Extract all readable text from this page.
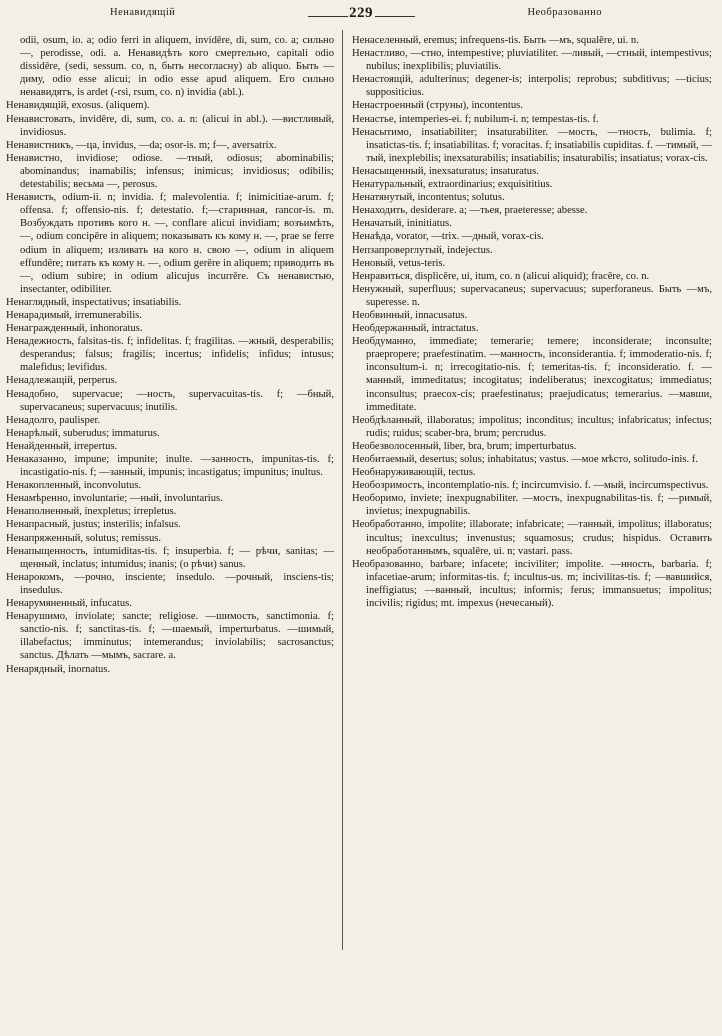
Ненавидящій	229	Необразованно

odii, osum, io. a; odio ferri in aliquem, invidēre, di, sum, co. a; сильно —, perodisse, odi. a. Ненавидѣть кого смертельно, capitali odio dissidēre, (sedi, sessum. co, n, быть несогласну) ab aliquo. Быть —диму, odio esse alicui; in odio esse apud aliquem. Его сильно ненавидятъ, is ardet (-rsi, rsum, co. n) invidia (abl.).

Ненавидящій, exosus. (aliquem).

Ненавистовать, invidēre, di, sum, co. a. n: (alicui in abl.). —вистливый, invidiosus.

Ненавистникъ, —ца, invidus, —da; osor-is. m; f—, aversatrix.

Ненавистно, invidiose; odiose. —тный, odiosus; abominabilis; abominandus; inamabilis; infensus; inimicus; invidiosus; odibilis; detestabilis; весьма —, perosus.

Ненависть, odium-ii. n; invidia. f; malevolentia. f; inimicitiae-arum. f; offensa. f; offensio-nis. f; detestatio. f;—старинная, rancor-is. m. Возбуждать противъ кого н. —, conflare alicui invidiam; возъимѣть, —, odium concipēre in aliquem; показывать къ кому н. —, prae se ferre odium in aliquem; изливать на кого н. свою —, odium in aliquem effundēre; питать къ кому н. —, odium gerēre in aliquem; приводить въ —, odium subire; in odium alicujus incurrēre. Съ ненавистью, insectanter, odibiliter.

Ненаглядный, inspectativus; insatiabilis.

Ненарадимый, irremunerabilis.

Ненагражденный, inhonoratus.

Ненадежность, falsitas-tis. f; infidelitas. f; fragilitas. —жный, desperabilis; desperandus; falsus; fragilis; incertus; infidelis; infidus; intusus; malefidus; levifidus.

Ненадлежащій, perperus.

Ненадобно, supervacue; —ность, supervacuitas-tis. f; —бный, supervacaneus; supervacuus; inutilis.

Ненадолго, paulisper.

Ненарѣлый, suberudus; immaturus.

Ненайденный, irrepertus.

Ненаказанно, impune; impunite; inulte. —занность, impunitas-tis. f; incastigatio-nis. f; —занный, impunis; incastigatus; impunitus; inultus.

Ненакопленный, inconvolutus.

Ненамѣренно, involuntarie; —ный, involuntarius.

Ненаполненный, inexpletus; irrepletus.

Ненапрасный, justus; insterilis; infalsus.

Ненапряженный, solutus; remissus.

Ненапыщенность, intumiditas-tis. f; insuperbia. f; — рѣчи, sanitas; —щенный, inclatus; intumidus; inanis; (о рѣчи) sanus.

Ненарокомъ, —рочно, insciente; insedulo. —рочный, insciens-tis; insedulus.

Ненарумяненный, infucatus.

Ненарушимо, inviolate; sancte; religiose. —шимость, sanctimonia. f; sanctio-nis. f; sanctitas-tis. f; —шаемый, imperturbatus. —шимый, illabefactus; imminutus; intemerandus; inviolabilis; sacrosanctus; sanctus. Дѣлать —мымъ, sacrare. a.

Ненарядный, inornatus.

Ненаселенный, eremus; infrequens-tis. Быть —мъ, squalēre, ui. n.

Ненастливо, —стно, intempestive; pluviatiliter. —ливый, —стный, intempestivus; nubilus; inexplibilis; pluviatilis.

Ненастоящій, adulterinus; degener-is; interpolis; reprobus; subditivus; —ticius; suppositicius.

Ненастроенный (струны), incontentus.

Ненастье, intemperies-ei. f; nubilum-i. n; tempestas-tis. f.

Ненасытимо, insatiabiliter; insaturabiliter. —мость, —тность, bulimia. f; insatictas-tis. f; insatiabilitas. f; voracitas. f; insatiabilis cupiditas. f. —тимый, —тый, inexplebilis; inexsaturabilis; insatiabilis; insaturabilis; insatiatus; vorax-cis.

Ненасыщенный, inexsaturatus; insaturatus.

Ненатуральный, extraordinarius; exquisititius.

Ненатянутый, incontentus; solutus.

Ненаходить, desiderare. a; —тьея, praeteresse; abesse.

Неначатый, ininitiatus.

Ненаѣда, vorator, —trix. —дный, vorax-cis.

Непзапроверглутый, indejectus.

Неновый, vetus-teris.

Ненравиться, displicēre, ui, itum, co. n (alicui aliquid); fracēre, co. n.

Ненужный, superfluus; supervacaneus; supervacuus; superforaneus. Быть —мъ, superesse. n.

Необвинный, innacusatus.

Необдержанный, intractatus.

Необдуманно, immediate; temerarie; temere; inconsiderate; inconsulte; praepropere; praefestinatim. —манность, inconsiderantia. f; immoderatio-nis. f; inconsultum-i. n; irrecogitatio-nis. f; temeritas-tis. f; inconsideratio. f. —манный, immeditatus; incogitatus; indeliberatus; inexcogitatus; immediatus; inconsultus; praecox-cis; praefestinatus; praejudicatus; temerarius. —мавши, immeditate.

Необдѣланный, illaboratus; impolitus; inconditus; incultus; infabricatus; infectus; rudis; ruidus; scaber-bra, brum; percrudus.

Необезволосенный, liber, bra, brum; imperturbatus.

Необитаемый, desertus; solus; inhabitatus; vastus. —мое мѣсто, solitudo-inis. f.

Необнаруживающій, tectus.

Необозримость, incontemplatio-nis. f; incircumvisio. f. —мый, incircumspectivus.

Необоримо, inviete; inexpugnabiliter. —мость, inexpugnabilitas-tis. f; —римый, invietus; inexpugnabilis.

Необработанно, impolite; illaborate; infabricate; —танный, impolitus; illaboratus; incultus; inexcultus; invenustus; squamosus; crudus; hispidus. Оставить необработаннымъ, squalēre, ui. n; vastari. pass.

Необразованно, barbare; infacete; inciviliter; impolite. —нность, barbaria. f; infacetiae-arum; informitas-tis. f; incultus-us. m; incivilitas-tis. f; —вавшийся, ineffigiatus; —ванный, incultus; informis; ferus; immansuetus; impolitus; incivilis; rigidus; mt. impexus (нечесаный).
